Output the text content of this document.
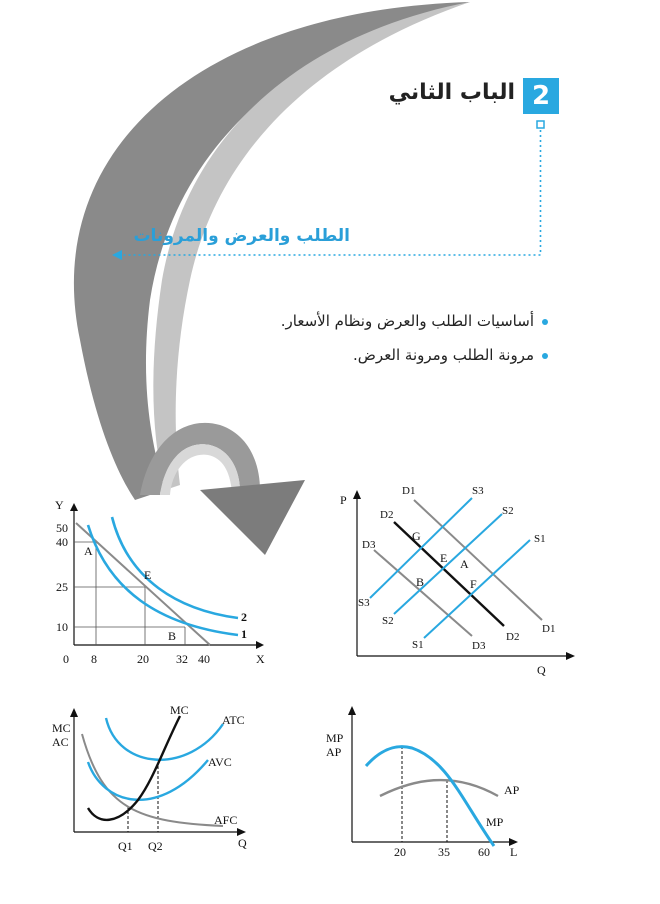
2
الباب الثاني
الطلب والعرض والمرونات
أساسيات الطلب والعرض ونظام الأسعار.
مرونة الطلب ومرونة العرض.
Y
X
50
40
25
10
0 8	20 32 40
A
E
B
2
1
P
Q
D1
D2
D3
D1
D2
D3
S3
S2
S1
S3
S2
S1
G
A
E
B	F
MC
AC
Q
MC
ATC
AVC
AFC
Q1 Q2
MP
AP
AP
MP
20	35 60 L
